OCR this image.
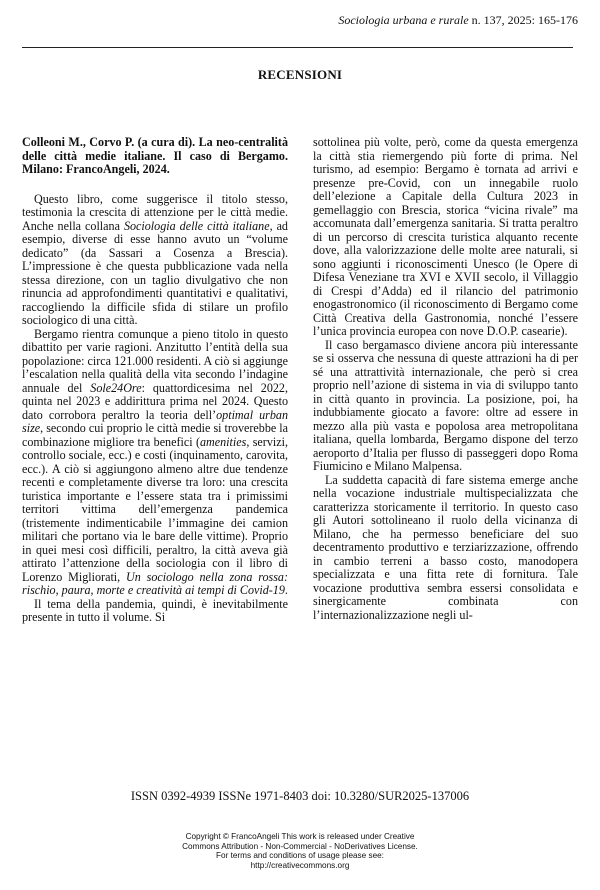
Sociologia urbana e rurale n. 137, 2025: 165-176
RECENSIONI

Colleoni M., Corvo P. (a cura di). La neo-centralità delle città medie italiane. Il caso di Bergamo. Milano: FrancoAngeli, 2024.

Questo libro, come suggerisce il titolo stesso, testimonia la crescita di attenzione per le città medie. Anche nella collana Sociologia delle città italiane, ad esempio, diverse di esse hanno avuto un “volume dedicato” (da Sassari a Cosenza a Brescia). L’impressione è che questa pubblicazione vada nella stessa direzione, con un taglio divulgativo che non rinuncia ad approfondimenti quantitativi e qualitativi, raccogliendo la difficile sfida di stilare un profilo sociologico di una città.

Bergamo rientra comunque a pieno titolo in questo dibattito per varie ragioni. Anzitutto l’entità della sua popolazione: circa 121.000 residenti. A ciò si aggiunge l’escalation nella qualità della vita secondo l’indagine annuale del Sole24Ore: quattordicesima nel 2022, quinta nel 2023 e addirittura prima nel 2024. Questo dato corrobora peraltro la teoria dell’optimal urban size, secondo cui proprio le città medie si troverebbe la combinazione migliore tra benefici (amenities, servizi, controllo sociale, ecc.) e costi (inquinamento, carovita, ecc.). A ciò si aggiungono almeno altre due tendenze recenti e completamente diverse tra loro: una crescita turistica importante e l’essere stata tra i primissimi territori vittima dell’emergenza pandemica (tristemente indimenticabile l’immagine dei camion militari che portano via le bare delle vittime). Proprio in quei mesi così difficili, peraltro, la città aveva già attirato l’attenzione della sociologia con il libro di Lorenzo Migliorati, Un sociologo nella zona rossa: rischio, paura, morte e creatività ai tempi di Covid-19.

Il tema della pandemia, quindi, è inevitabilmente presente in tutto il volume. Si

sottolinea più volte, però, come da questa emergenza la città stia riemergendo più forte di prima. Nel turismo, ad esempio: Bergamo è tornata ad arrivi e presenze pre-Covid, con un innegabile ruolo dell’elezione a Capitale della Cultura 2023 in gemellaggio con Brescia, storica “vicina rivale” ma accomunata dall’emergenza sanitaria. Si tratta peraltro di un percorso di crescita turistica alquanto recente dove, alla valorizzazione delle molte aree naturali, si sono aggiunti i riconoscimenti Unesco (le Opere di Difesa Veneziane tra XVI e XVII secolo, il Villaggio di Crespi d’Adda) ed il rilancio del patrimonio enogastronomico (il riconoscimento di Bergamo come Città Creativa della Gastronomia, nonché l’essere l’unica provincia europea con nove D.O.P. casearie).

Il caso bergamasco diviene ancora più interessante se si osserva che nessuna di queste attrazioni ha di per sé una attrattività internazionale, che però si crea proprio nell’azione di sistema in via di sviluppo tanto in città quanto in provincia. La posizione, poi, ha indubbiamente giocato a favore: oltre ad essere in mezzo alla più vasta e popolosa area metropolitana italiana, quella lombarda, Bergamo dispone del terzo aeroporto d’Italia per flusso di passeggeri dopo Roma Fiumicino e Milano Malpensa.

La suddetta capacità di fare sistema emerge anche nella vocazione industriale multispecializzata che caratterizza storicamente il territorio. In questo caso gli Autori sottolineano il ruolo della vicinanza di Milano, che ha permesso beneficiare del suo decentramento produttivo e terziarizzazione, offrendo in cambio terreni a basso costo, manodopera specializzata e una fitta rete di fornitura. Tale vocazione produttiva sembra essersi consolidata e sinergicamente combinata con l’internazionalizzazione negli ul-

ISSN 0392-4939 ISSNe 1971-8403 doi: 10.3280/SUR2025-137006
Copyright © FrancoAngeli This work is released under Creative
Commons Attribution - Non-Commercial - NoDerivatives License.
For terms and conditions of usage please see:
http://creativecommons.org
